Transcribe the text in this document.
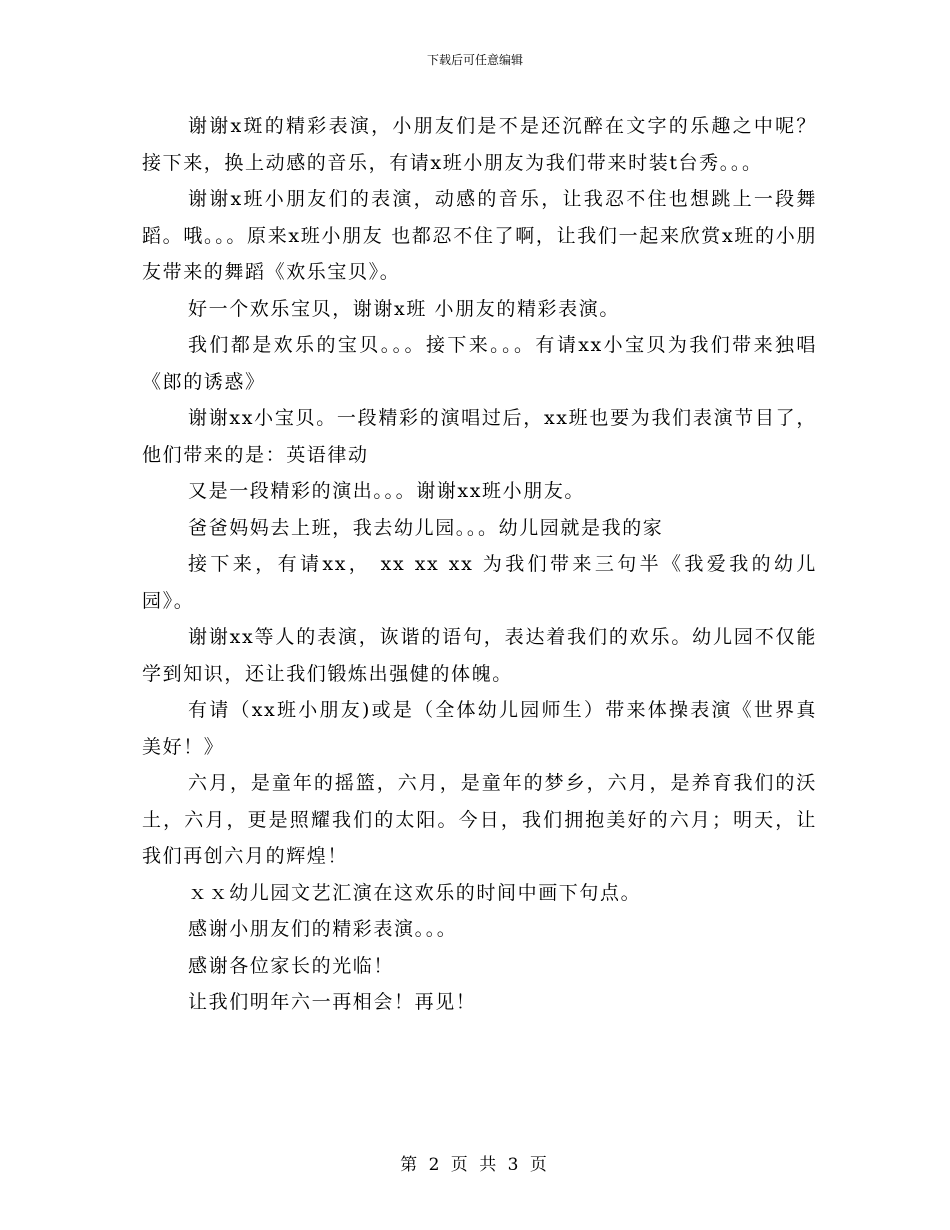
下载后可任意编辑

谢谢x斑的精彩表演，小朋友们是不是还沉醉在文字的乐趣之中呢？接下来，换上动感的音乐，有请x班小朋友为我们带来时装t台秀。。。

谢谢x班小朋友们的表演，动感的音乐，让我忍不住也想跳上一段舞蹈。哦。。。原来x班小朋友 也都忍不住了啊，让我们一起来欣赏x班的小朋友带来的舞蹈《欢乐宝贝》。

好一个欢乐宝贝，谢谢x班 小朋友的精彩表演。

我们都是欢乐的宝贝。。。接下来。。。有请xx小宝贝为我们带来独唱《郎的诱惑》

谢谢xx小宝贝。一段精彩的演唱过后，xx班也要为我们表演节目了，他们带来的是：英语律动

又是一段精彩的演出。。。谢谢xx班小朋友。

爸爸妈妈去上班，我去幼儿园。。。幼儿园就是我的家

接下来，有请xx， xx xx xx 为我们带来三句半《我爱我的幼儿园》。

谢谢xx等人的表演，诙谐的语句，表达着我们的欢乐。幼儿园不仅能学到知识，还让我们锻炼出强健的体魄。

有请（xx班小朋友)或是（全体幼儿园师生）带来体操表演《世界真美好！》

六月，是童年的摇篮，六月，是童年的梦乡，六月，是养育我们的沃土，六月，更是照耀我们的太阳。今日，我们拥抱美好的六月；明天，让我们再创六月的辉煌！

ｘｘ幼儿园文艺汇演在这欢乐的时间中画下句点。

感谢小朋友们的精彩表演。。。

感谢各位家长的光临！

让我们明年六一再相会！再见！

第 2 页 共 3 页
